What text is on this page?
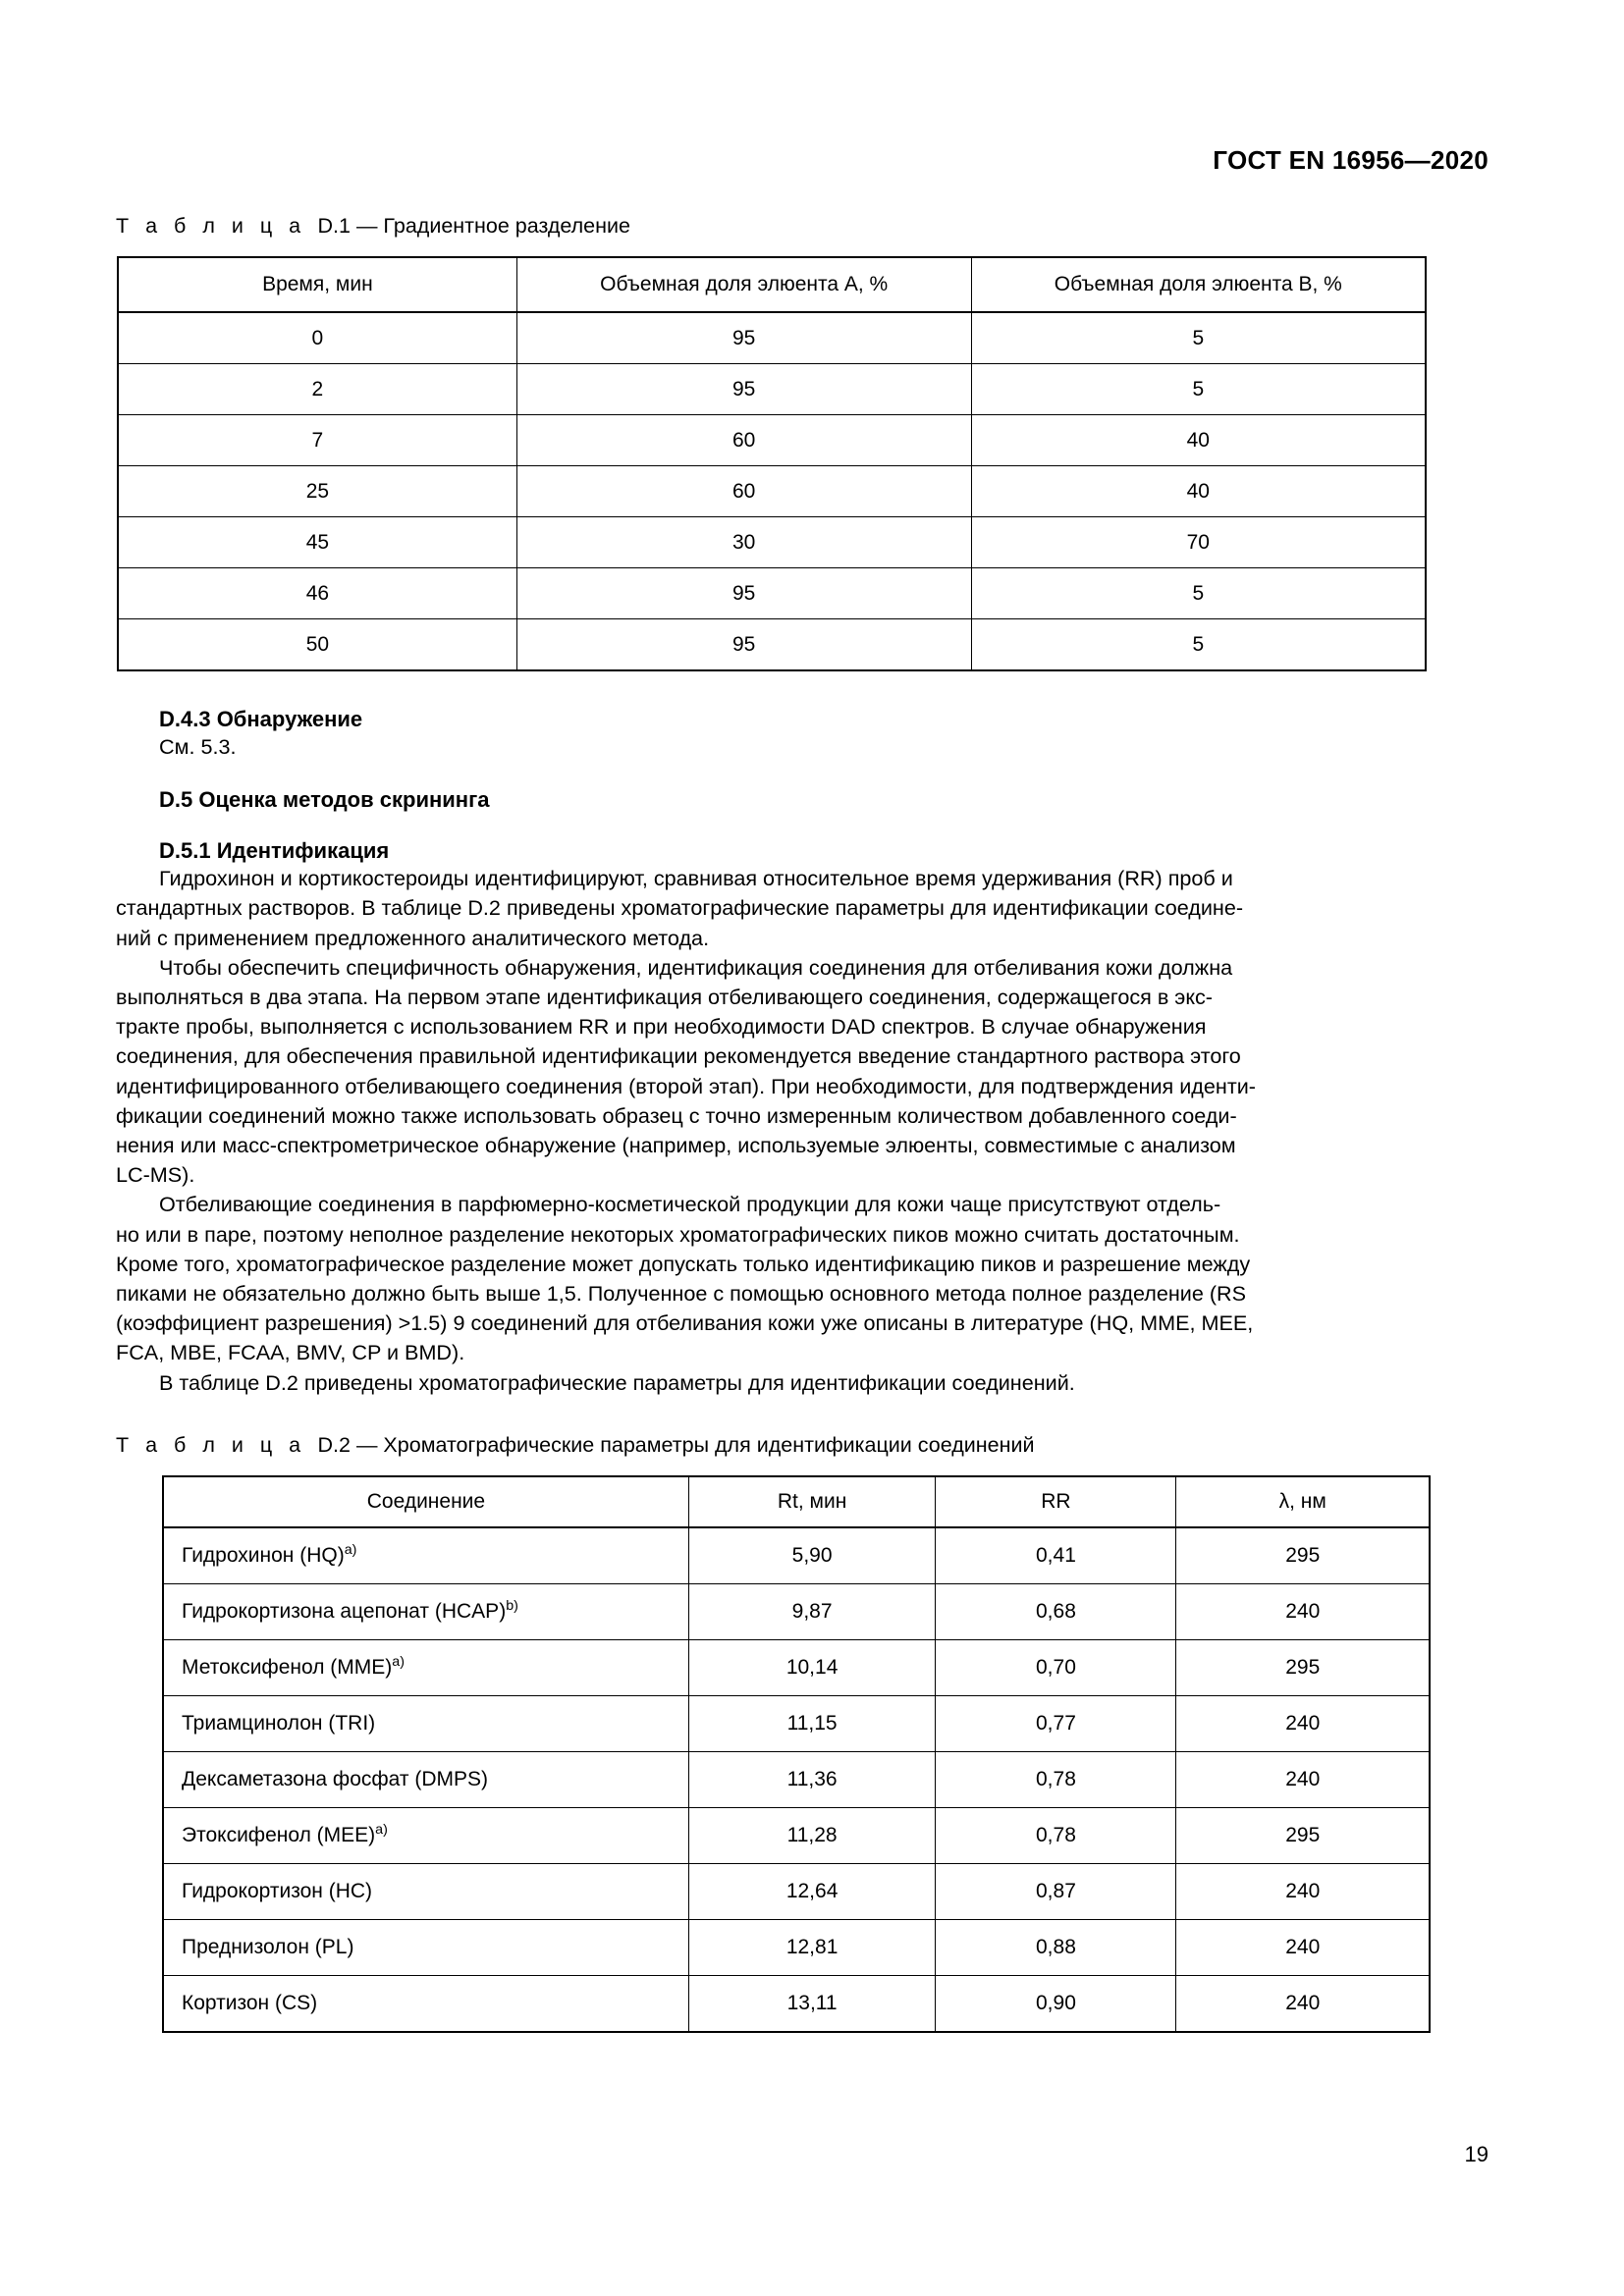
ГОСТ EN 16956—2020

Т а б л и ц а D.1 — Градиентное разделение

Время, мин	Объемная доля элюента А, %	Объемная доля элюента В, %
0	95	5
2	95	5
7	60	40
25	60	40
45	30	70
46	95	5
50	95	5

D.4.3 Обнаружение

См. 5.3.

D.5 Оценка методов скрининга

D.5.1 Идентификация

Гидрохинон и кортикостероиды идентифицируют, сравнивая относительное время удерживания (RR) проб и

стандартных растворов. В таблице D.2 приведены хроматографические параметры для идентификации соедине-

ний с применением предложенного аналитического метода.

Чтобы обеспечить специфичность обнаружения, идентификация соединения для отбеливания кожи должна

выполняться в два этапа. На первом этапе идентификация отбеливающего соединения, содержащегося в экс-

тракте пробы, выполняется с использованием RR и при необходимости DAD спектров. В случае обнаружения

соединения, для обеспечения правильной идентификации рекомендуется введение стандартного раствора этого

идентифицированного отбеливающего соединения (второй этап). При необходимости, для подтверждения иденти-

фикации соединений можно также использовать образец с точно измеренным количеством добавленного соеди-

нения или масс-спектрометрическое обнаружение (например, используемые элюенты, совместимые с анализом

LC-MS).

Отбеливающие соединения в парфюмерно-косметической продукции для кожи чаще присутствуют отдель-

но или в паре, поэтому неполное разделение некоторых хроматографических пиков можно считать достаточным.

Кроме того, хроматографическое разделение может допускать только идентификацию пиков и разрешение между

пиками не обязательно должно быть выше 1,5. Полученное с помощью основного метода полное разделение (RS

(коэффициент разрешения) >1.5) 9 соединений для отбеливания кожи уже описаны в литературе (HQ, MME, MEE,

FCA, MBE, FCAA, BMV, CP и BMD).

В таблице D.2 приведены хроматографические параметры для идентификации соединений.

Т а б л и ц а D.2 — Хроматографические параметры для идентификации соединений

Соединение	Rt, мин	RR	λ, нм
Гидрохинон (HQ)$^{a)}$	5,90	0,41	295
Гидрокортизона ацепонат (HCAP)$^{b)}$	9,87	0,68	240
Метоксифенол (MME)$^{a)}$	10,14	0,70	295
Триамцинолон (TRI)	11,15	0,77	240
Дексаметазона фосфат (DMPS)	11,36	0,78	240
Этоксифенол (MEE)$^{a)}$	11,28	0,78	295
Гидрокортизон (HC)	12,64	0,87	240
Преднизолон (PL)	12,81	0,88	240
Кортизон (CS)	13,11	0,90	240
19
